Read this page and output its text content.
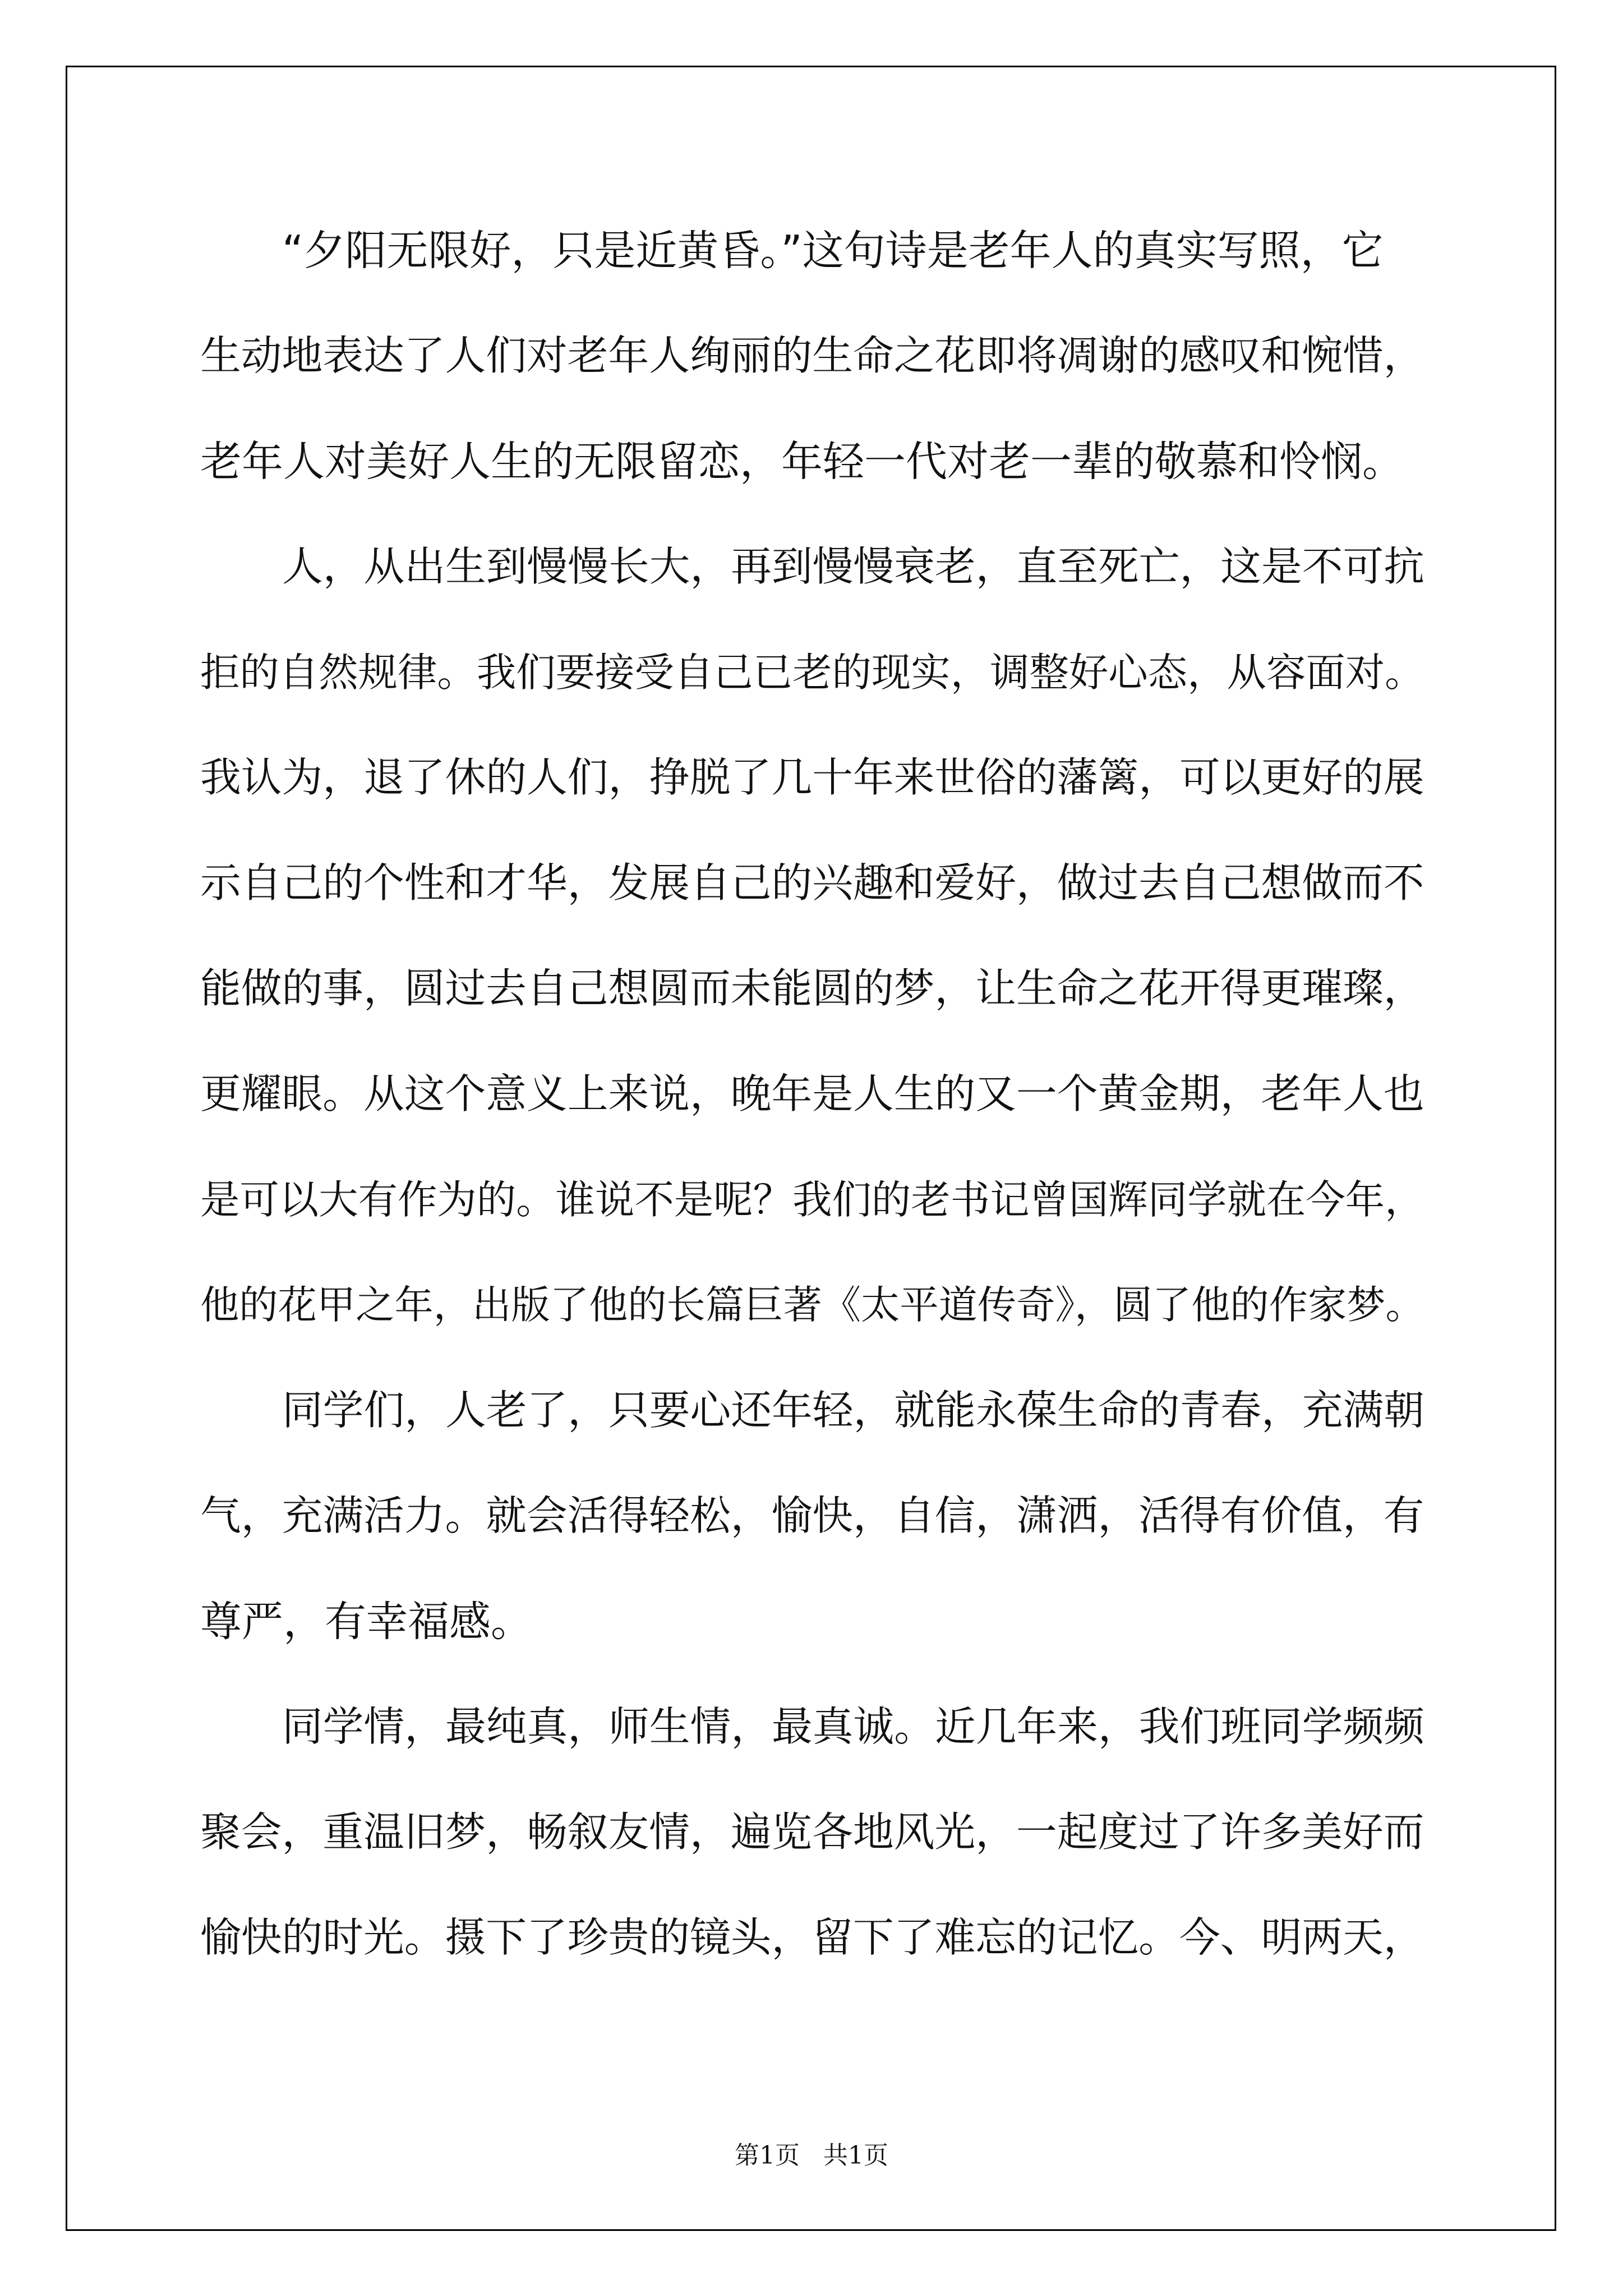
“夕阳无限好，只是近黄昏。”这句诗是老年人的真实写照，它
生动地表达了人们对老年人绚丽的生命之花即将凋谢的感叹和惋惜，
老年人对美好人生的无限留恋，年轻一代对老一辈的敬慕和怜悯。
人，从出生到慢慢长大，再到慢慢衰老，直至死亡，这是不可抗
拒的自然规律。我们要接受自己已老的现实，调整好心态，从容面对。
我认为，退了休的人们，挣脱了几十年来世俗的藩篱，可以更好的展
示自己的个性和才华，发展自己的兴趣和爱好，做过去自己想做而不
能做的事，圆过去自己想圆而未能圆的梦，让生命之花开得更璀璨，
更耀眼。从这个意义上来说，晚年是人生的又一个黄金期，老年人也
是可以大有作为的。谁说不是呢？我们的老书记曾国辉同学就在今年，
他的花甲之年，出版了他的长篇巨著《太平道传奇》，圆了他的作家梦。
同学们，人老了，只要心还年轻，就能永葆生命的青春，充满朝
气，充满活力。就会活得轻松，愉快，自信，潇洒，活得有价值，有
尊严，有幸福感。
同学情，最纯真，师生情，最真诚。近几年来，我们班同学频频
聚会，重温旧梦，畅叙友情，遍览各地风光，一起度过了许多美好而
愉快的时光。摄下了珍贵的镜头，留下了难忘的记忆。今、明两天，
第1页   共1页
